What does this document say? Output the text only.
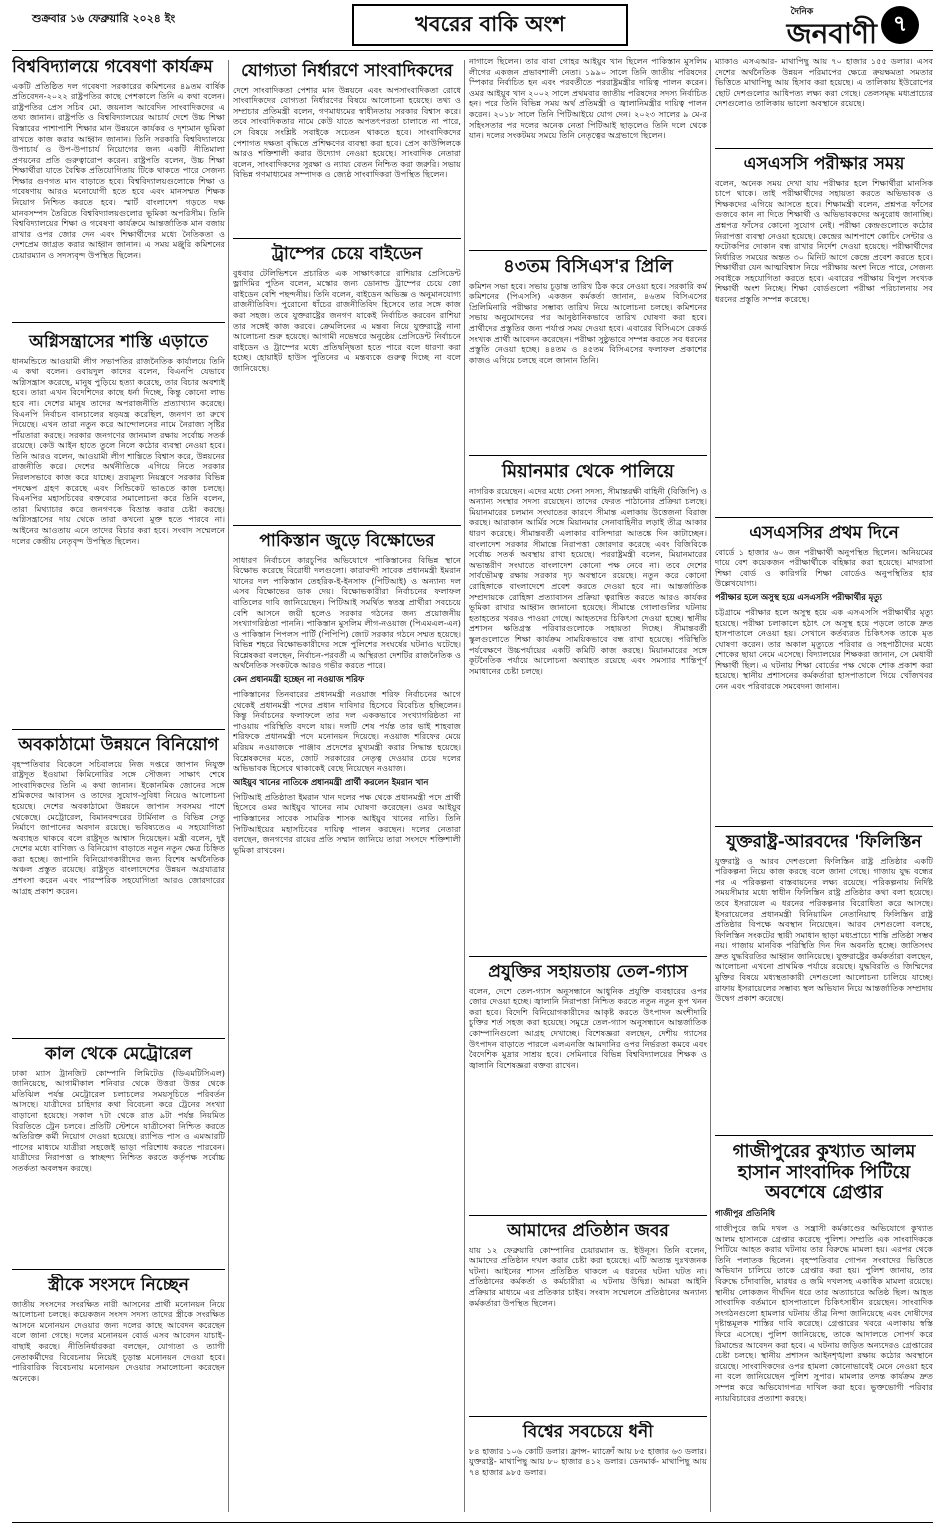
শুক্রবার ১৬ ফেব্রুয়ারি ২০২৪ ইং	খবরের বাকি অংশ	দৈনিক
জনবাণী ৭
বিশ্ববিদ্যালয়ে গবেষণা কার্যক্রম

একটি প্রতিষ্ঠিত দল গবেষণা সরকারের কমিশনের ৪৯তম বার্ষিক প্রতিবেদন-২০২২ রাষ্ট্রপতির কাছে পেশকালে তিনি এ কথা বলেন। রাষ্ট্রপতির প্রেস সচিব মো. জয়নাল আবেদিন সাংবাদিকদের এ তথ্য জানান। রাষ্ট্রপতি ও বিশ্ববিদ্যালয়ের আচার্য দেশে উচ্চ শিক্ষা বিস্তারের পাশাপাশি শিক্ষার মান উন্নয়নে কার্যকর ও দৃশ্যমান ভূমিকা রাখতে কাজ করার আহ্বান জানান। তিনি সরকারি বিশ্ববিদ্যালয়ে উপাচার্য ও উপ-উপাচার্য নিয়োগের জন্য একটি নীতিমালা প্রণয়নের প্রতি গুরুত্বারোপ করেন। রাষ্ট্রপতি বলেন, উচ্চ শিক্ষা শিক্ষার্থীরা যাতে বৈশ্বিক প্রতিযোগিতায় টিকে থাকতে পারে সেজন্য শিক্ষার গুণগত মান বাড়াতে হবে। বিশ্ববিদ্যালয়গুলোকে শিক্ষা ও গবেষণায় আরও মনোযোগী হতে হবে এবং মানসম্মত শিক্ষক নিয়োগ নিশ্চিত করতে হবে। স্মার্ট বাংলাদেশ গড়তে দক্ষ মানবসম্পদ তৈরিতে বিশ্ববিদ্যালয়গুলোর ভূমিকা অপরিসীম। তিনি বিশ্ববিদ্যালয়ের শিক্ষা ও গবেষণা কার্যক্রমে আন্তর্জাতিক মান বজায় রাখার ওপর জোর দেন এবং শিক্ষার্থীদের মধ্যে নৈতিকতা ও দেশপ্রেম জাগ্রত করার আহ্বান জানান। এ সময় মঞ্জুরি কমিশনের চেয়ারম্যান ও সদস্যবৃন্দ উপস্থিত ছিলেন।

অগ্নিসন্ত্রাসের শাস্তি এড়াতে

ধানমন্ডিতে আওয়ামী লীগ সভাপতির রাজনৈতিক কার্যালয়ে তিনি এ কথা বলেন। ওবায়দুল কাদের বলেন, বিএনপি যেভাবে অগ্নিসন্ত্রাস করেছে, মানুষ পুড়িয়ে হত্যা করেছে, তার বিচার অবশ্যই হবে। তারা এখন বিদেশিদের কাছে ধর্না দিচ্ছে, কিন্তু কোনো লাভ হবে না। দেশের মানুষ তাদের অপরাজনীতি প্রত্যাখ্যান করেছে। বিএনপি নির্বাচন বানচালের ষড়যন্ত্র করেছিল, জনগণ তা রুখে দিয়েছে। এখন তারা নতুন করে আন্দোলনের নামে নৈরাজ্য সৃষ্টির পাঁয়তারা করছে। সরকার জনগণের জানমাল রক্ষায় সর্বোচ্চ সতর্ক রয়েছে। কেউ আইন হাতে তুলে নিলে কঠোর ব্যবস্থা নেওয়া হবে। তিনি আরও বলেন, আওয়ামী লীগ শান্তিতে বিশ্বাস করে, উন্নয়নের রাজনীতি করে। দেশের অর্থনীতিকে এগিয়ে নিতে সরকার নিরলসভাবে কাজ করে যাচ্ছে। দ্রব্যমূল্য নিয়ন্ত্রণে সরকার বিভিন্ন পদক্ষেপ গ্রহণ করেছে এবং সিন্ডিকেট ভাঙতে কাজ চলছে। বিএনপির মহাসচিবের বক্তব্যের সমালোচনা করে তিনি বলেন, তারা মিথ্যাচার করে জনগণকে বিভ্রান্ত করার চেষ্টা করছে। অগ্নিসন্ত্রাসের দায় থেকে তারা কখনো মুক্ত হতে পারবে না। আইনের আওতায় এনে তাদের বিচার করা হবে। সংবাদ সম্মেলনে দলের কেন্দ্রীয় নেতৃবৃন্দ উপস্থিত ছিলেন।

অবকাঠামো উন্নয়নে বিনিয়োগ

বৃহস্পতিবার বিকেলে সচিবালয়ে নিজ দপ্তরে জাপান নিযুক্ত রাষ্ট্রদূত ইওয়ামা কিমিনোরির সঙ্গে সৌজন্য সাক্ষাৎ শেষে সাংবাদিকদের তিনি এ কথা জানান। ইকোনমিক জোনের সঙ্গে শ্রমিকদের আবাসন ও তাদের সুযোগ-সুবিধা নিয়েও আলোচনা হয়েছে। দেশের অবকাঠামো উন্নয়নে জাপান সবসময় পাশে থেকেছে। মেট্রোরেল, বিমানবন্দরের টার্মিনাল ও বিভিন্ন সেতু নির্মাণে জাপানের অবদান রয়েছে। ভবিষ্যতেও এ সহযোগিতা অব্যাহত থাকবে বলে রাষ্ট্রদূত আশ্বাস দিয়েছেন। মন্ত্রী বলেন, দুই দেশের মধ্যে বাণিজ্য ও বিনিয়োগ বাড়াতে নতুন নতুন ক্ষেত্র চিহ্নিত করা হচ্ছে। জাপানি বিনিয়োগকারীদের জন্য বিশেষ অর্থনৈতিক অঞ্চল প্রস্তুত রয়েছে। রাষ্ট্রদূত বাংলাদেশের উন্নয়ন অগ্রযাত্রার প্রশংসা করেন এবং পারস্পরিক সহযোগিতা আরও জোরদারের আগ্রহ প্রকাশ করেন।

কাল থেকে মেট্রোরেল

ঢাকা ম্যাস ট্রানজিট কোম্পানি লিমিটেড (ডিএমটিসিএল) জানিয়েছে, আগামীকাল শনিবার থেকে উত্তরা উত্তর থেকে মতিঝিল পর্যন্ত মেট্রোরেল চলাচলের সময়সূচিতে পরিবর্তন আসছে। যাত্রীদের চাহিদার কথা বিবেচনা করে ট্রেনের সংখ্যা বাড়ানো হয়েছে। সকাল ৭টা থেকে রাত ৯টা পর্যন্ত নিয়মিত বিরতিতে ট্রেন চলবে। প্রতিটি স্টেশনে যাত্রীসেবা নিশ্চিত করতে অতিরিক্ত কর্মী নিয়োগ দেওয়া হয়েছে। র‍্যাপিড পাস ও এমআরটি পাসের মাধ্যমে যাত্রীরা সহজেই ভাড়া পরিশোধ করতে পারবেন। যাত্রীদের নিরাপত্তা ও স্বাচ্ছন্দ্য নিশ্চিত করতে কর্তৃপক্ষ সর্বোচ্চ সতর্কতা অবলম্বন করছে।

স্ত্রীকে সংসদে নিচ্ছেন

জাতীয় সংসদের সংরক্ষিত নারী আসনের প্রার্থী মনোনয়ন নিয়ে আলোচনা চলছে। কয়েকজন সংসদ সদস্য তাদের স্ত্রীকে সংরক্ষিত আসনে মনোনয়ন দেওয়ার জন্য দলের কাছে আবেদন করেছেন বলে জানা গেছে। দলের মনোনয়ন বোর্ড এসব আবেদন যাচাই-বাছাই করছে। নীতিনির্ধারকরা বলছেন, যোগ্যতা ও ত্যাগী নেতাকর্মীদের বিবেচনায় নিয়েই চূড়ান্ত মনোনয়ন দেওয়া হবে। পারিবারিক বিবেচনায় মনোনয়ন দেওয়ার সমালোচনা করেছেন অনেকে।

যোগ্যতা নির্ধারণে সাংবাদিকদের

দেশে সাংবাদিকতা পেশার মান উন্নয়নে এবং অপসাংবাদিকতা রোধে সাংবাদিকদের যোগ্যতা নির্ধারণের বিষয়ে আলোচনা হয়েছে। তথ্য ও সম্প্রচার প্রতিমন্ত্রী বলেন, গণমাধ্যমের স্বাধীনতায় সরকার বিশ্বাস করে। তবে সাংবাদিকতার নামে কেউ যাতে অপতৎপরতা চালাতে না পারে, সে বিষয়ে সংশ্লিষ্ট সবাইকে সচেতন থাকতে হবে। সাংবাদিকদের পেশাগত দক্ষতা বৃদ্ধিতে প্রশিক্ষণের ব্যবস্থা করা হবে। প্রেস কাউন্সিলকে আরও শক্তিশালী করার উদ্যোগ নেওয়া হয়েছে। সাংবাদিক নেতারা বলেন, সাংবাদিকদের সুরক্ষা ও ন্যায্য বেতন নিশ্চিত করা জরুরি। সভায় বিভিন্ন গণমাধ্যমের সম্পাদক ও জ্যেষ্ঠ সাংবাদিকরা উপস্থিত ছিলেন।

ট্রাম্পের চেয়ে বাইডেন

বুধবার টেলিভিশনে প্রচারিত এক সাক্ষাৎকারে রাশিয়ার প্রেসিডেন্ট ভ্লাদিমির পুতিন বলেন, মস্কোর জন্য ডোনাল্ড ট্রাম্পের চেয়ে জো বাইডেন বেশি পছন্দনীয়। তিনি বলেন, বাইডেন অভিজ্ঞ ও অনুমানযোগ্য রাজনীতিবিদ। পুরোনো ধাঁচের রাজনীতিবিদ হিসেবে তার সঙ্গে কাজ করা সহজ। তবে যুক্তরাষ্ট্রের জনগণ যাকেই নির্বাচিত করবেন রাশিয়া তার সঙ্গেই কাজ করবে। ক্রেমলিনের এ মন্তব্য নিয়ে যুক্তরাষ্ট্রে নানা আলোচনা শুরু হয়েছে। আগামী নভেম্বরে অনুষ্ঠেয় প্রেসিডেন্ট নির্বাচনে বাইডেন ও ট্রাম্পের মধ্যে প্রতিদ্বন্দ্বিতা হতে পারে বলে ধারণা করা হচ্ছে। হোয়াইট হাউস পুতিনের এ মন্তব্যকে গুরুত্ব দিচ্ছে না বলে জানিয়েছে।

পাকিস্তান জুড়ে বিক্ষোভের

সাধারণ নির্বাচনে কারচুপির অভিযোগে পাকিস্তানের বিভিন্ন স্থানে বিক্ষোভ করেছে বিরোধী দলগুলো। কারাবন্দী সাবেক প্রধানমন্ত্রী ইমরান খানের দল পাকিস্তান তেহরিক-ই-ইনসাফ (পিটিআই) ও অন্যান্য দল এসব বিক্ষোভের ডাক দেয়। বিক্ষোভকারীরা নির্বাচনের ফলাফল বাতিলের দাবি জানিয়েছেন। পিটিআই সমর্থিত স্বতন্ত্র প্রার্থীরা সবচেয়ে বেশি আসনে জয়ী হলেও সরকার গঠনের জন্য প্রয়োজনীয় সংখ্যাগরিষ্ঠতা পাননি। পাকিস্তান মুসলিম লীগ-নওয়াজ (পিএমএল-এন) ও পাকিস্তান পিপলস পার্টি (পিপিপি) জোট সরকার গঠনে সম্মত হয়েছে। বিভিন্ন শহরে বিক্ষোভকারীদের সঙ্গে পুলিশের সংঘর্ষের ঘটনাও ঘটেছে। বিশ্লেষকরা বলছেন, নির্বাচন-পরবর্তী এ অস্থিরতা দেশটির রাজনৈতিক ও অর্থনৈতিক সংকটকে আরও গভীর করতে পারে।

কেন প্রধানমন্ত্রী হচ্ছেন না নওয়াজ শরিফ

পাকিস্তানের তিনবারের প্রধানমন্ত্রী নওয়াজ শরিফ নির্বাচনের আগে থেকেই প্রধানমন্ত্রী পদের প্রধান দাবিদার হিসেবে বিবেচিত হচ্ছিলেন। কিন্তু নির্বাচনের ফলাফলে তার দল এককভাবে সংখ্যাগরিষ্ঠতা না পাওয়ায় পরিস্থিতি বদলে যায়। দলটি শেষ পর্যন্ত তার ভাই শাহবাজ শরিফকে প্রধানমন্ত্রী পদে মনোনয়ন দিয়েছে। নওয়াজ শরিফের মেয়ে মরিয়ম নওয়াজকে পাঞ্জাব প্রদেশের মুখ্যমন্ত্রী করার সিদ্ধান্ত হয়েছে। বিশ্লেষকদের মতে, জোট সরকারের নেতৃত্ব দেওয়ার চেয়ে দলের অভিভাবক হিসেবে থাকাকেই বেছে নিয়েছেন নওয়াজ।

আইয়ুব খানের নাতিকে প্রধানমন্ত্রী প্রার্থী করলেন ইমরান খান

পিটিআই প্রতিষ্ঠাতা ইমরান খান দলের পক্ষ থেকে প্রধানমন্ত্রী পদে প্রার্থী হিসেবে ওমর আইয়ুব খানের নাম ঘোষণা করেছেন। ওমর আইয়ুব পাকিস্তানের সাবেক সামরিক শাসক আইয়ুব খানের নাতি। তিনি পিটিআইয়ের মহাসচিবের দায়িত্ব পালন করছেন। দলের নেতারা বলছেন, জনগণের রায়ের প্রতি সম্মান জানিয়ে তারা সংসদে শক্তিশালী ভূমিকা রাখবেন।

নাগালে ছিলেন। তার বাবা গোহর আইয়ুব খান ছিলেন পাকিস্তান মুসলিম লীগের একজন প্রভাবশালী নেতা। ১৯৯০ সালে তিনি জাতীয় পরিষদের স্পিকার নির্বাচিত হন এবং পরবর্তীতে পররাষ্ট্রমন্ত্রীর দায়িত্ব পালন করেন। ওমর আইয়ুব খান ২০০২ সালে প্রথমবার জাতীয় পরিষদের সদস্য নির্বাচিত হন। পরে তিনি বিভিন্ন সময় অর্থ প্রতিমন্ত্রী ও জ্বালানিমন্ত্রীর দায়িত্ব পালন করেন। ২০১৮ সালে তিনি পিটিআইয়ে যোগ দেন। ২০২৩ সালের ৯ মে-র সহিংসতার পর দলের অনেক নেতা পিটিআই ছাড়লেও তিনি দলে থেকে যান। দলের সংকটময় সময়ে তিনি নেতৃত্বের অগ্রভাগে ছিলেন।

৪৩তম বিসিএস'র প্রিলি

কমিশন সভা হবে। সভায় চূড়ান্ত তারিখ ঠিক করে নেওয়া হবে। সরকারি কর্ম কমিশনের (পিএসসি) একজন কর্মকর্তা জানান, ৪৬তম বিসিএসের প্রিলিমিনারি পরীক্ষার সম্ভাব্য তারিখ নিয়ে আলোচনা চলছে। কমিশনের সভায় অনুমোদনের পর আনুষ্ঠানিকভাবে তারিখ ঘোষণা করা হবে। প্রার্থীদের প্রস্তুতির জন্য পর্যাপ্ত সময় দেওয়া হবে। এবারের বিসিএসে রেকর্ড সংখ্যক প্রার্থী আবেদন করেছেন। পরীক্ষা সুষ্ঠুভাবে সম্পন্ন করতে সব ধরনের প্রস্তুতি নেওয়া হচ্ছে। ৪৪তম ও ৪৫তম বিসিএসের ফলাফল প্রকাশের কাজও এগিয়ে চলছে বলে জানান তিনি।

মিয়ানমার থেকে পালিয়ে

নাগরিক রয়েছেন। এদের মধ্যে সেনা সদস্য, সীমান্তরক্ষী বাহিনী (বিজিপি) ও অন্যান্য সংস্থার সদস্য রয়েছেন। তাদের ফেরত পাঠানোর প্রক্রিয়া চলছে। মিয়ানমারের চলমান সংঘাতের কারণে সীমান্ত এলাকায় উত্তেজনা বিরাজ করছে। আরাকান আর্মির সঙ্গে মিয়ানমার সেনাবাহিনীর লড়াই তীব্র আকার ধারণ করেছে। সীমান্তবর্তী এলাকার বাসিন্দারা আতঙ্কে দিন কাটাচ্ছেন। বাংলাদেশ সরকার সীমান্তে নিরাপত্তা জোরদার করেছে এবং বিজিবিকে সর্বোচ্চ সতর্ক অবস্থায় রাখা হয়েছে। পররাষ্ট্রমন্ত্রী বলেন, মিয়ানমারের অভ্যন্তরীণ সংঘাতে বাংলাদেশ কোনো পক্ষ নেবে না। তবে দেশের সার্বভৌমত্ব রক্ষায় সরকার দৃঢ় অবস্থানে রয়েছে। নতুন করে কোনো রোহিঙ্গাকে বাংলাদেশে প্রবেশ করতে দেওয়া হবে না। আন্তর্জাতিক সম্প্রদায়কে রোহিঙ্গা প্রত্যাবাসন প্রক্রিয়া ত্বরান্বিত করতে আরও কার্যকর ভূমিকা রাখার আহ্বান জানানো হয়েছে। সীমান্তে গোলাগুলির ঘটনায় হতাহতের খবরও পাওয়া গেছে। আহতদের চিকিৎসা দেওয়া হচ্ছে। স্থানীয় প্রশাসন ক্ষতিগ্রস্ত পরিবারগুলোকে সহায়তা দিচ্ছে। সীমান্তবর্তী স্কুলগুলোতে শিক্ষা কার্যক্রম সাময়িকভাবে বন্ধ রাখা হয়েছে। পরিস্থিতি পর্যবেক্ষণে উচ্চপর্যায়ের একটি কমিটি কাজ করছে। মিয়ানমারের সঙ্গে কূটনৈতিক পর্যায়ে আলোচনা অব্যাহত রয়েছে এবং সমস্যার শান্তিপূর্ণ সমাধানের চেষ্টা চলছে।

প্রযুক্তির সহায়তায় তেল-গ্যাস

বলেন, দেশে তেল-গ্যাস অনুসন্ধানে আধুনিক প্রযুক্তি ব্যবহারের ওপর জোর দেওয়া হচ্ছে। জ্বালানি নিরাপত্তা নিশ্চিত করতে নতুন নতুন কূপ খনন করা হবে। বিদেশি বিনিয়োগকারীদের আকৃষ্ট করতে উৎপাদন অংশীদারি চুক্তির শর্ত সহজ করা হয়েছে। সমুদ্রে তেল-গ্যাস অনুসন্ধানে আন্তর্জাতিক কোম্পানিগুলো আগ্রহ দেখাচ্ছে। বিশেষজ্ঞরা বলছেন, দেশীয় গ্যাসের উৎপাদন বাড়াতে পারলে এলএনজি আমদানির ওপর নির্ভরতা কমবে এবং বৈদেশিক মুদ্রার সাশ্রয় হবে। সেমিনারে বিভিন্ন বিশ্ববিদ্যালয়ের শিক্ষক ও জ্বালানি বিশেষজ্ঞরা বক্তব্য রাখেন।

আমাদের প্রতিষ্ঠান জবর

যায় ১২ ফেব্রুয়ারি কোম্পানির চেয়ারম্যান ড. ইউনূস। তিনি বলেন, আমাদের প্রতিষ্ঠান দখল করার চেষ্টা করা হয়েছে। এটি অত্যন্ত দুঃখজনক ঘটনা। আইনের শাসন প্রতিষ্ঠিত থাকলে এ ধরনের ঘটনা ঘটত না। প্রতিষ্ঠানের কর্মকর্তা ও কর্মচারীরা এ ঘটনায় উদ্বিগ্ন। আমরা আইনি প্রক্রিয়ার মাধ্যমে এর প্রতিকার চাইব। সংবাদ সম্মেলনে প্রতিষ্ঠানের অন্যান্য কর্মকর্তারা উপস্থিত ছিলেন।

বিশ্বের সবচেয়ে ধনী

৮৪ হাজার ১০৬ কোটি ডলার। ফ্রান্স- ম্যাক্রোঁ আয় ৮৫ হাজার ৬৩ ডলার। যুক্তরাষ্ট্র- মাথাপিছু আয় ৮০ হাজার ৪১২ ডলার। ডেনমার্ক- মাথাপিছু আয় ৭৪ হাজার ৯৮৫ ডলার।

ম্যাকাও এসএআর- মাথাপিছু আয় ৭০ হাজার ১৫৫ ডলার। এসব দেশের অর্থনৈতিক উন্নয়ন পরিমাপের ক্ষেত্রে ক্রয়ক্ষমতা সমতার ভিত্তিতে মাথাপিছু আয় হিসাব করা হয়েছে। এ তালিকায় ইউরোপের ছোট দেশগুলোর আধিপত্য লক্ষ্য করা গেছে। তেলসমৃদ্ধ মধ্যপ্রাচ্যের দেশগুলোও তালিকায় ভালো অবস্থানে রয়েছে।

এসএসসি পরীক্ষার সময়

বলেন, অনেক সময় দেখা যায় পরীক্ষার হলে শিক্ষার্থীরা মানসিক চাপে থাকে। তাই পরীক্ষার্থীদের সহায়তা করতে অভিভাবক ও শিক্ষকদের এগিয়ে আসতে হবে। শিক্ষামন্ত্রী বলেন, প্রশ্নপত্র ফাঁসের গুজবে কান না দিতে শিক্ষার্থী ও অভিভাবকদের অনুরোধ জানাচ্ছি। প্রশ্নপত্র ফাঁসের কোনো সুযোগ নেই। পরীক্ষা কেন্দ্রগুলোতে কঠোর নিরাপত্তা ব্যবস্থা নেওয়া হয়েছে। কেন্দ্রের আশপাশে কোচিং সেন্টার ও ফটোকপির দোকান বন্ধ রাখার নির্দেশ দেওয়া হয়েছে। পরীক্ষার্থীদের নির্ধারিত সময়ের অন্তত ৩০ মিনিট আগে কেন্দ্রে প্রবেশ করতে হবে। শিক্ষার্থীরা যেন আত্মবিশ্বাস নিয়ে পরীক্ষায় অংশ নিতে পারে, সেজন্য সবাইকে সহযোগিতা করতে হবে। এবারের পরীক্ষায় বিপুল সংখ্যক শিক্ষার্থী অংশ নিচ্ছে। শিক্ষা বোর্ডগুলো পরীক্ষা পরিচালনায় সব ধরনের প্রস্তুতি সম্পন্ন করেছে।

এসএসসির প্রথম দিনে

বোর্ডে ১ হাজার ৬০ জন পরীক্ষার্থী অনুপস্থিত ছিলেন। অনিয়মের দায়ে বেশ কয়েকজন পরীক্ষার্থীকে বহিষ্কার করা হয়েছে। মাদরাসা শিক্ষা বোর্ড ও কারিগরি শিক্ষা বোর্ডেও অনুপস্থিতির হার উল্লেখযোগ্য।

পরীক্ষার হলে অসুস্থ হয়ে এসএসসি পরীক্ষার্থীর মৃত্যু

চট্টগ্রামে পরীক্ষার হলে অসুস্থ হয়ে এক এসএসসি পরীক্ষার্থীর মৃত্যু হয়েছে। পরীক্ষা চলাকালে হঠাৎ সে অসুস্থ হয়ে পড়লে তাকে দ্রুত হাসপাতালে নেওয়া হয়। সেখানে কর্তব্যরত চিকিৎসক তাকে মৃত ঘোষণা করেন। তার অকাল মৃত্যুতে পরিবার ও সহপাঠীদের মধ্যে শোকের ছায়া নেমে এসেছে। বিদ্যালয়ের শিক্ষকরা জানান, সে মেধাবী শিক্ষার্থী ছিল। এ ঘটনায় শিক্ষা বোর্ডের পক্ষ থেকে শোক প্রকাশ করা হয়েছে। স্থানীয় প্রশাসনের কর্মকর্তারা হাসপাতালে গিয়ে খোঁজখবর নেন এবং পরিবারকে সমবেদনা জানান।

যুক্তরাষ্ট্র-আরবদের 'ফিলিস্তিন

যুক্তরাষ্ট্র ও আরব দেশগুলো ফিলিস্তিন রাষ্ট্র প্রতিষ্ঠার একটি পরিকল্পনা নিয়ে কাজ করছে বলে জানা গেছে। গাজায় যুদ্ধ বন্ধের পর এ পরিকল্পনা বাস্তবায়নের লক্ষ্য রয়েছে। পরিকল্পনায় নির্দিষ্ট সময়সীমার মধ্যে স্বাধীন ফিলিস্তিন রাষ্ট্র প্রতিষ্ঠার কথা বলা হয়েছে। তবে ইসরায়েল এ ধরনের পরিকল্পনার বিরোধিতা করে আসছে। ইসরায়েলের প্রধানমন্ত্রী বিনিয়ামিন নেতানিয়াহু ফিলিস্তিন রাষ্ট্র প্রতিষ্ঠার বিপক্ষে অবস্থান নিয়েছেন। আরব দেশগুলো বলছে, ফিলিস্তিন সংকটের স্থায়ী সমাধান ছাড়া মধ্যপ্রাচ্যে শান্তি প্রতিষ্ঠা সম্ভব নয়। গাজায় মানবিক পরিস্থিতি দিন দিন অবনতি হচ্ছে। জাতিসংঘ দ্রুত যুদ্ধবিরতির আহ্বান জানিয়েছে। যুক্তরাষ্ট্রের কর্মকর্তারা বলছেন, আলোচনা এখনো প্রাথমিক পর্যায়ে রয়েছে। যুদ্ধবিরতি ও জিম্মিদের মুক্তির বিষয়ে মধ্যস্থতাকারী দেশগুলো আলোচনা চালিয়ে যাচ্ছে। রাফায় ইসরায়েলের সম্ভাব্য স্থল অভিযান নিয়ে আন্তর্জাতিক সম্প্রদায় উদ্বেগ প্রকাশ করেছে।

গাজীপুরের কুখ্যাত আলম হাসান সাংবাদিক পিটিয়ে অবশেষে গ্রেপ্তার
গাজীপুর প্রতিনিধি

গাজীপুরে জমি দখল ও সন্ত্রাসী কর্মকাণ্ডের অভিযোগে কুখ্যাত আলম হাসানকে গ্রেপ্তার করেছে পুলিশ। সম্প্রতি এক সাংবাদিককে পিটিয়ে আহত করার ঘটনায় তার বিরুদ্ধে মামলা হয়। এরপর থেকে তিনি পলাতক ছিলেন। বৃহস্পতিবার গোপন সংবাদের ভিত্তিতে অভিযান চালিয়ে তাকে গ্রেপ্তার করা হয়। পুলিশ জানায়, তার বিরুদ্ধে চাঁদাবাজি, মারধর ও জমি দখলসহ একাধিক মামলা রয়েছে। স্থানীয় লোকজন দীর্ঘদিন ধরে তার অত্যাচারে অতিষ্ঠ ছিল। আহত সাংবাদিক বর্তমানে হাসপাতালে চিকিৎসাধীন রয়েছেন। সাংবাদিক সংগঠনগুলো হামলার ঘটনায় তীব্র নিন্দা জানিয়েছে এবং দোষীদের দৃষ্টান্তমূলক শাস্তির দাবি করেছে। গ্রেপ্তারের খবরে এলাকায় স্বস্তি ফিরে এসেছে। পুলিশ জানিয়েছে, তাকে আদালতে সোপর্দ করে রিমান্ডের আবেদন করা হবে। এ ঘটনায় জড়িত অন্যদেরও গ্রেপ্তারের চেষ্টা চলছে। স্থানীয় প্রশাসন আইনশৃঙ্খলা রক্ষায় কঠোর অবস্থানে রয়েছে। সাংবাদিকদের ওপর হামলা কোনোভাবেই মেনে নেওয়া হবে না বলে জানিয়েছেন পুলিশ সুপার। মামলার তদন্ত কার্যক্রম দ্রুত সম্পন্ন করে অভিযোগপত্র দাখিল করা হবে। ভুক্তভোগী পরিবার ন্যায়বিচারের প্রত্যাশা করছে।
